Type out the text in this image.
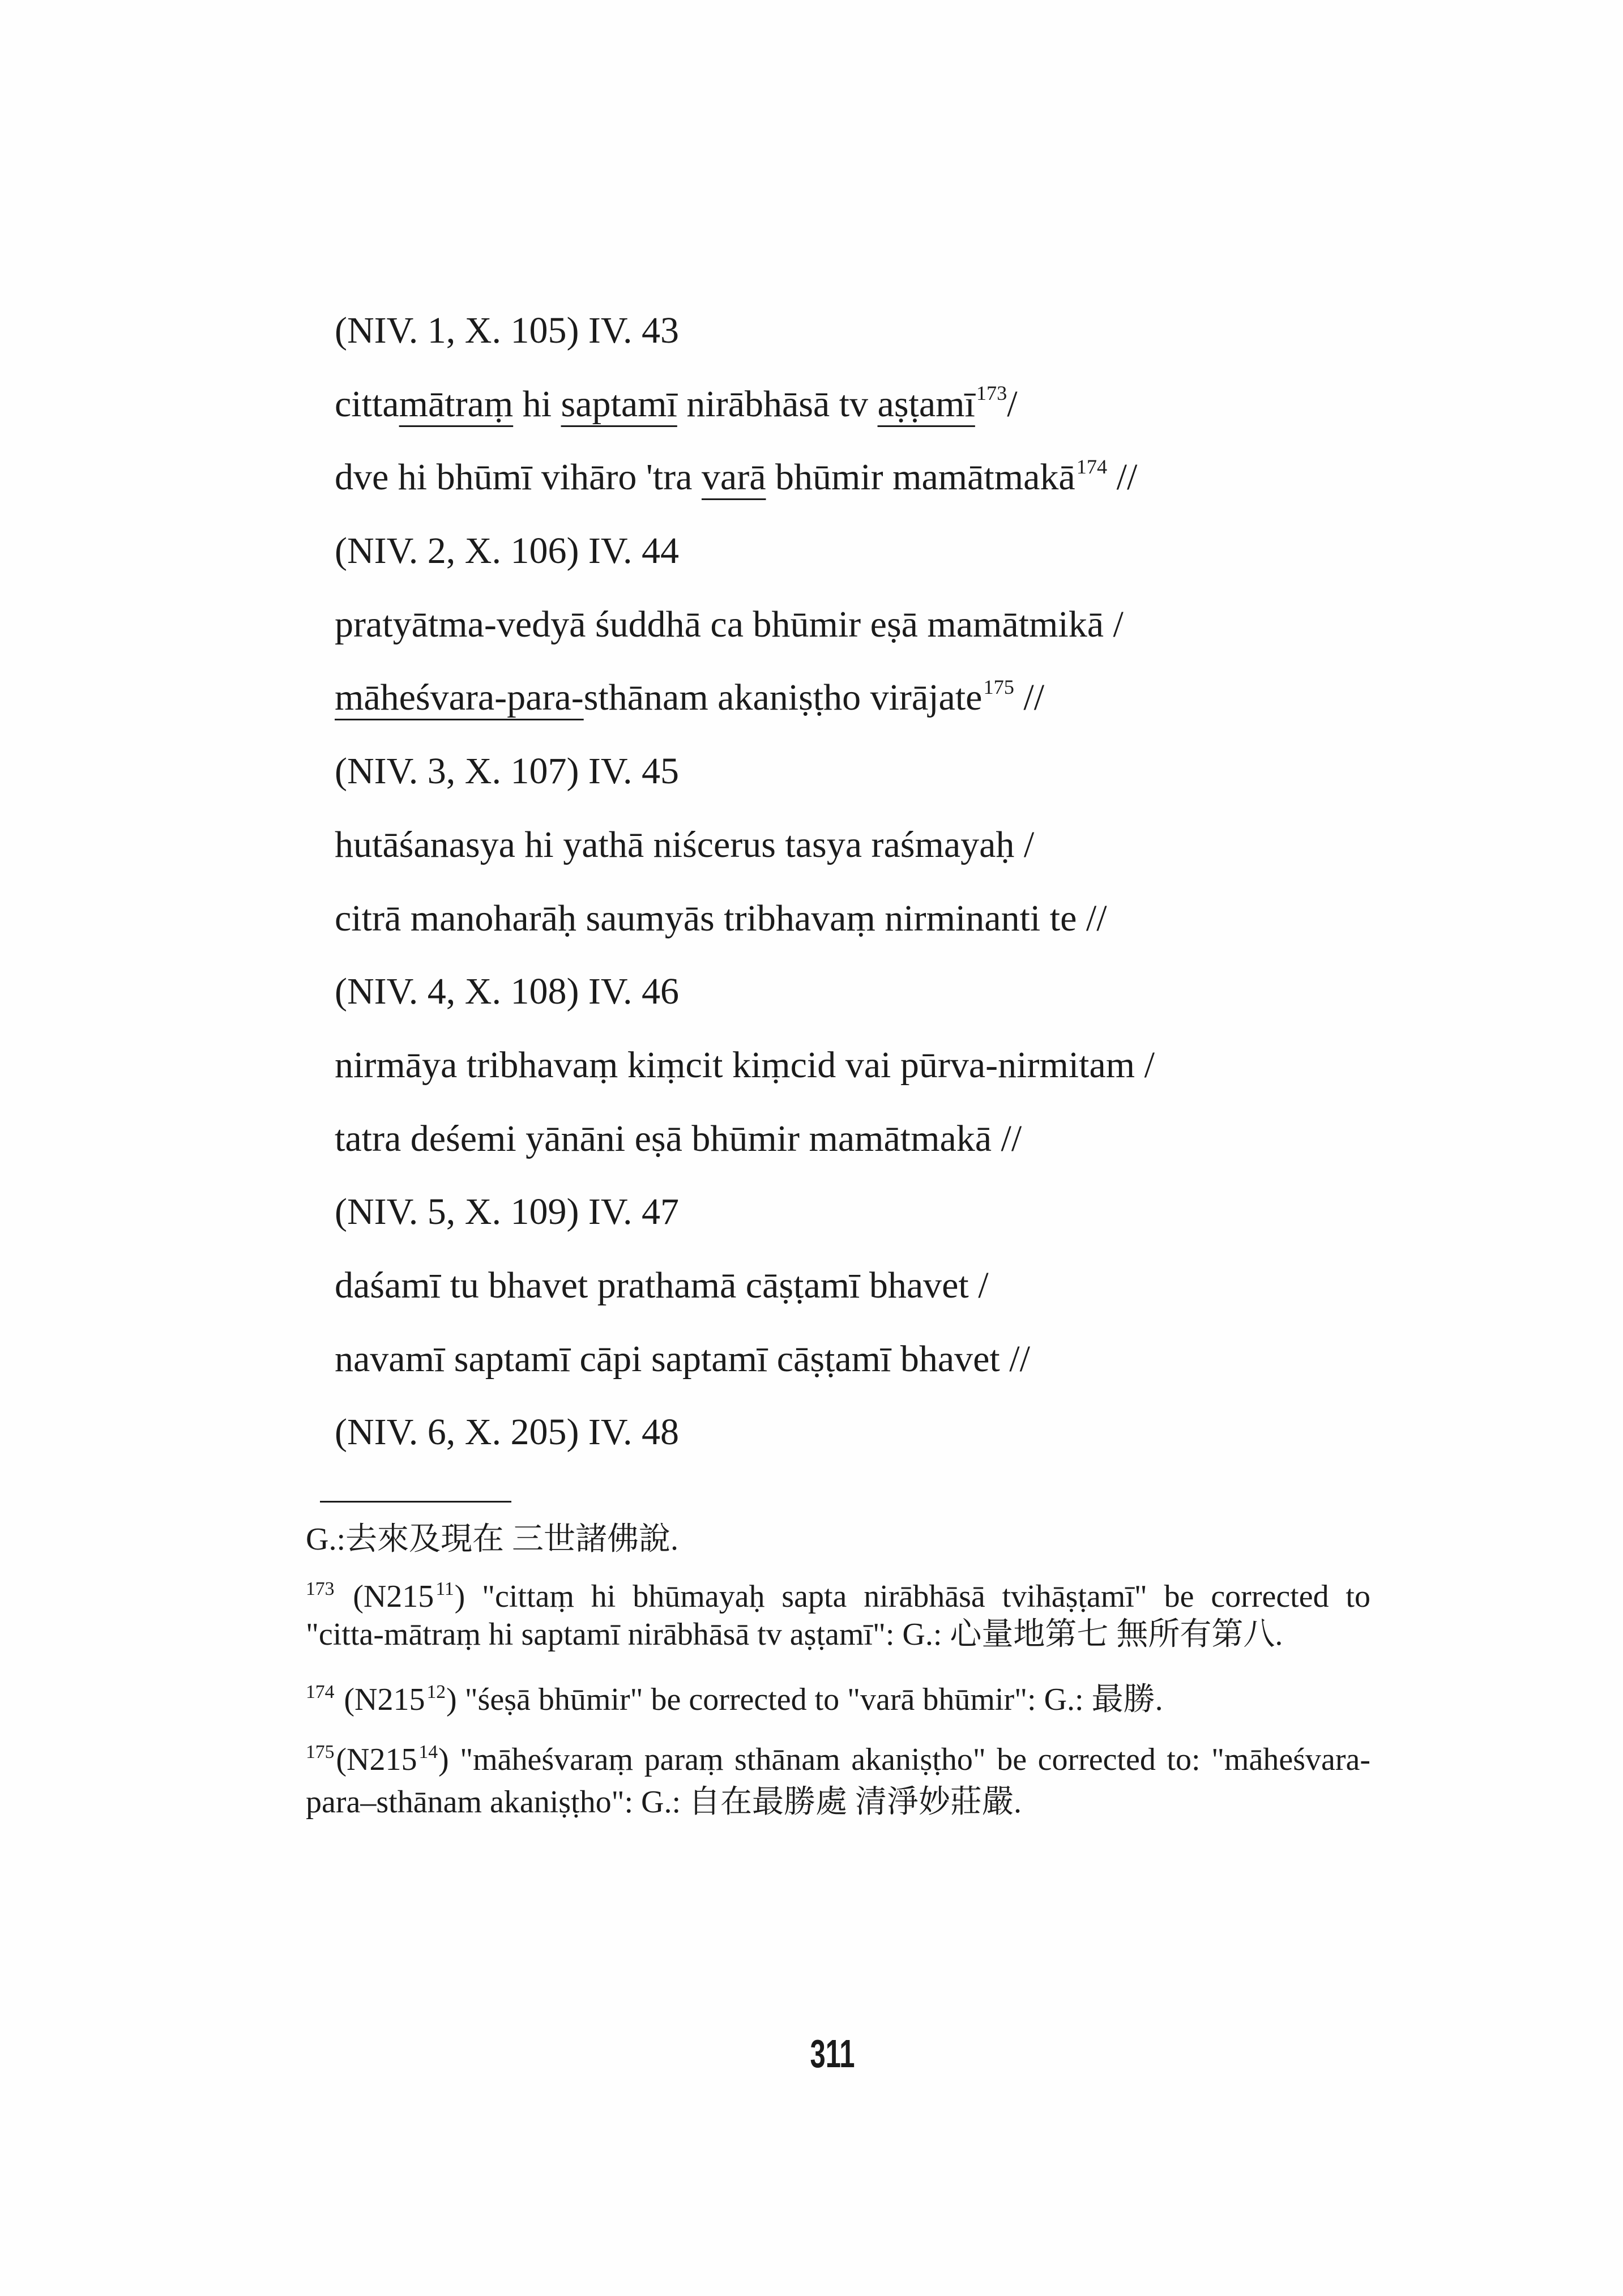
(NIV. 1, X. 105) IV. 43
cittamātraṃ hi saptamī nirābhāsā tv aṣṭamī$^{173}$/
dve hi bhūmī vihāro 'tra varā bhūmir mamātmakā$^{174}$ //
(NIV. 2, X. 106) IV. 44
pratyātma-vedyā śuddhā ca bhūmir eṣā mamātmikā /
māheśvara-para-sthānam akaniṣṭho virājate$^{175}$ //
(NIV. 3, X. 107) IV. 45
hutāśanasya hi yathā niścerus tasya raśmayaḥ /
citrā manoharāḥ saumyās tribhavaṃ nirminanti te //
(NIV. 4, X. 108) IV. 46
nirmāya tribhavaṃ kiṃcit kiṃcid vai pūrva-nirmitam /
tatra deśemi yānāni eṣā bhūmir mamātmakā //
(NIV. 5, X. 109) IV. 47
daśamī tu bhavet prathamā cāṣṭamī bhavet /
navamī saptamī cāpi saptamī cāṣṭamī bhavet //
(NIV. 6, X. 205) IV. 48
G.:去來及現在 三世諸佛說.
$^{173}$ $(N215^{11})$ "cittaṃ hi bhūmayaḥ sapta nirābhāsā tvihāṣṭamī" be corrected to
"citta-mātraṃ hi saptamī nirābhāsā tv aṣṭamī": G.: 心量地第七 無所有第八.
$^{174}$ $(N215^{12})$ "śeṣā bhūmir" be corrected to "varā bhūmir": G.: 最勝.
$^{175}(N215^{14})$ "māheśvaraṃ paraṃ sthānam akaniṣṭho" be corrected to: "māheśvara-
para–sthānam akaniṣṭho": G.: 自在最勝處 清淨妙莊嚴.
311
